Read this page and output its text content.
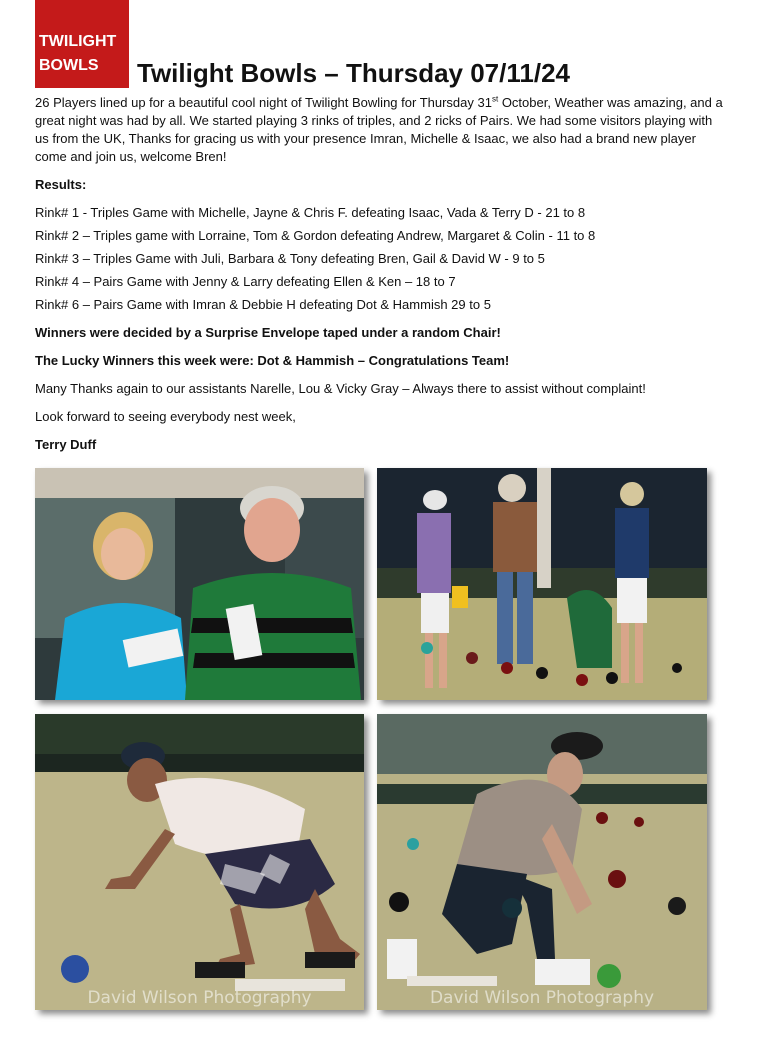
TWILIGHT
BOWLS	Twilight Bowls – Thursday 07/11/24

26 Players lined up for a beautiful cool night of Twilight Bowling for Thursday 31st October, Weather was amazing, and a great night was had by all. We started playing 3 rinks of triples, and 2 ricks of Pairs. We had some visitors playing with us from the UK, Thanks for gracing us with your presence Imran, Michelle & Isaac, we also had a brand new player come and join us, welcome Bren!

Results:
Rink# 1 - Triples Game with Michelle, Jayne & Chris F. defeating Isaac, Vada & Terry D - 21 to 8
Rink# 2 – Triples game with Lorraine, Tom & Gordon defeating Andrew, Margaret & Colin - 11 to 8
Rink# 3 – Triples Game with Juli, Barbara & Tony defeating Bren, Gail & David W - 9 to 5
Rink# 4 – Pairs Game with Jenny & Larry defeating Ellen & Ken – 18 to 7
Rink# 6 – Pairs Game with Imran & Debbie H defeating Dot & Hammish 29 to 5

Winners were decided by a Surprise Envelope taped under a random Chair!

The Lucky Winners this week were: Dot & Hammish – Congratulations Team!

Many Thanks again to our assistants Narelle, Lou & Vicky Gray – Always there to assist without complaint!

Look forward to seeing everybody nest week,

Terry Duff

David Wilson Photography	David Wilson Photography
